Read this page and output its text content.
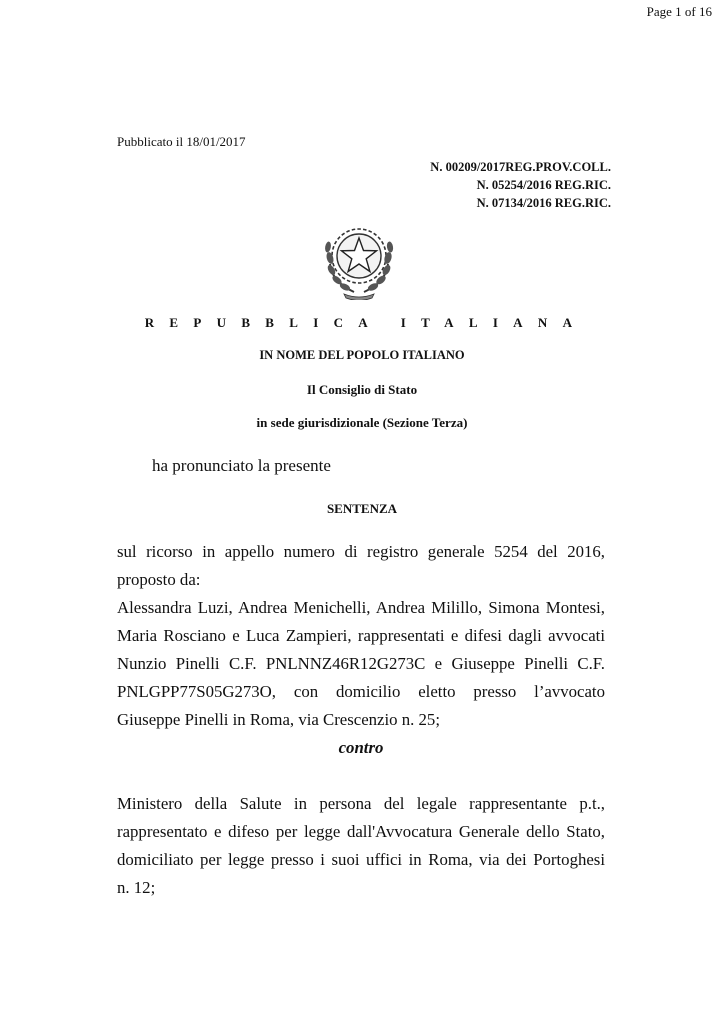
Page 1 of 16
Pubblicato il 18/01/2017
N. 00209/2017REG.PROV.COLL.
N. 05254/2016 REG.RIC.
N. 07134/2016 REG.RIC.
REPUBBLICA ITALIANA
IN NOME DEL POPOLO ITALIANO
Il Consiglio di Stato
in sede giurisdizionale (Sezione Terza)
ha pronunciato la presente
SENTENZA
sul ricorso in appello numero di registro generale 5254 del 2016,
proposto da:
Alessandra Luzi, Andrea Menichelli, Andrea Milillo, Simona Montesi,
Maria Rosciano e Luca Zampieri, rappresentati e difesi dagli avvocati
Nunzio Pinelli C.F. PNLNNZ46R12G273C e Giuseppe Pinelli C.F.
PNLGPP77S05G273O, con domicilio eletto presso l’avvocato
Giuseppe Pinelli in Roma, via Crescenzio n. 25;
contro
Ministero della Salute in persona del legale rappresentante p.t.,
rappresentato e difeso per legge dall'Avvocatura Generale dello Stato,
domiciliato per legge presso i suoi uffici in Roma, via dei Portoghesi
n. 12;
